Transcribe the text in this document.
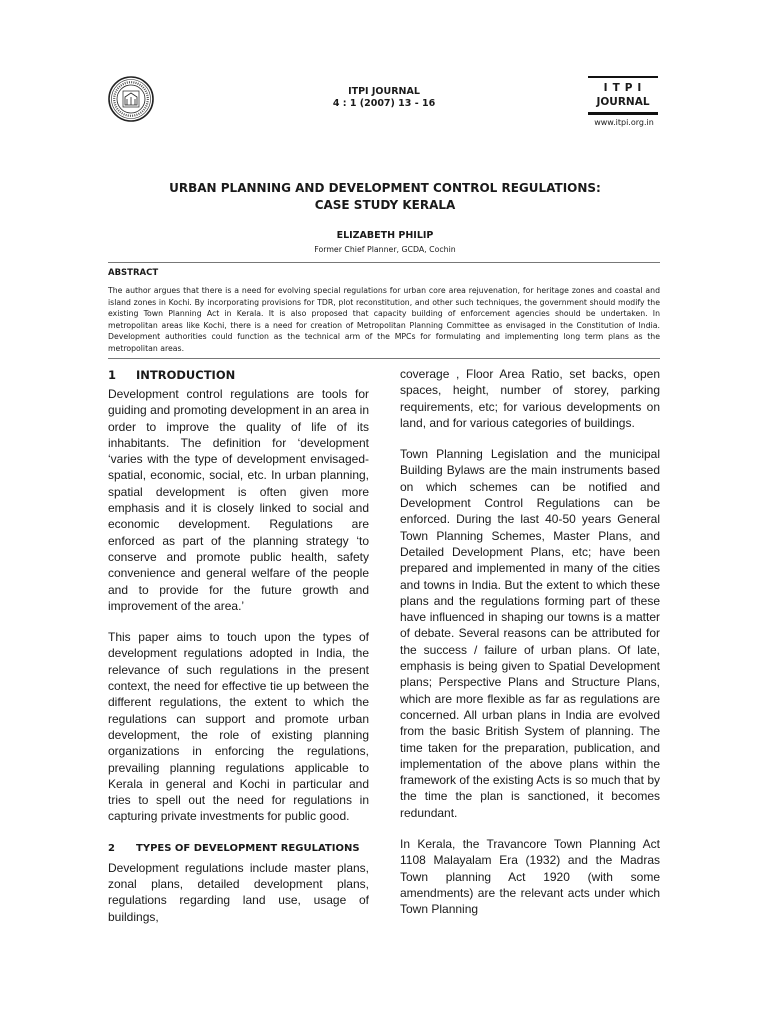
ITPI JOURNAL
4 : 1 (2007) 13 - 16
ITPI
JOURNAL
www.itpi.org.in
URBAN PLANNING AND DEVELOPMENT CONTROL REGULATIONS:
CASE STUDY KERALA
ELIZABETH PHILIP
Former Chief Planner, GCDA, Cochin
ABSTRACT
The author argues that there is a need for evolving special regulations for urban core area rejuvenation, for heritage zones and coastal and island zones in Kochi. By incorporating provisions for TDR, plot reconstitution, and other such techniques, the government should modify the existing Town Planning Act in Kerala. It is also proposed that capacity building of enforcement agencies should be undertaken. In metropolitan areas like Kochi, there is a need for creation of Metropolitan Planning Committee as envisaged in the Constitution of India. Development authorities could function as the technical arm of the MPCs for formulating and implementing long term plans as the metropolitan areas.
1 INTRODUCTION

Development control regulations are tools for guiding and promoting development in an area in order to improve the quality of life of its inhabitants. The definition for ‘development ‘varies with the type of development envisaged- spatial, economic, social, etc. In urban planning, spatial development is often given more emphasis and it is closely linked to social and economic development. Regulations are enforced as part of the planning strategy ‘to conserve and promote public health, safety convenience and general welfare of the people and to provide for the future growth and improvement of the area.’

This paper aims to touch upon the types of development regulations adopted in India, the relevance of such regulations in the present context, the need for effective tie up between the different regulations, the extent to which the regulations can support and promote urban development, the role of existing planning organizations in enforcing the regulations, prevailing planning regulations applicable to Kerala in general and Kochi in particular and tries to spell out the need for regulations in capturing private investments for public good.

2 TYPES OF DEVELOPMENT REGULATIONS

Development regulations include master plans, zonal plans, detailed development plans, regulations regarding land use, usage of buildings,

coverage , Floor Area Ratio, set backs, open spaces, height, number of storey, parking requirements, etc; for various developments on land, and for various categories of buildings.

Town Planning Legislation and the municipal Building Bylaws are the main instruments based on which schemes can be notified and Development Control Regulations can be enforced. During the last 40-50 years General Town Planning Schemes, Master Plans, and Detailed Development Plans, etc; have been prepared and implemented in many of the cities and towns in India. But the extent to which these plans and the regulations forming part of these have influenced in shaping our towns is a matter of debate. Several reasons can be attributed for the success / failure of urban plans. Of late, emphasis is being given to Spatial Development plans; Perspective Plans and Structure Plans, which are more flexible as far as regulations are concerned. All urban plans in India are evolved from the basic British System of planning. The time taken for the preparation, publication, and implementation of the above plans within the framework of the existing Acts is so much that by the time the plan is sanctioned, it becomes redundant.

In Kerala, the Travancore Town Planning Act 1108 Malayalam Era (1932) and the Madras Town planning Act 1920 (with some amendments) are the relevant acts under which Town Planning
